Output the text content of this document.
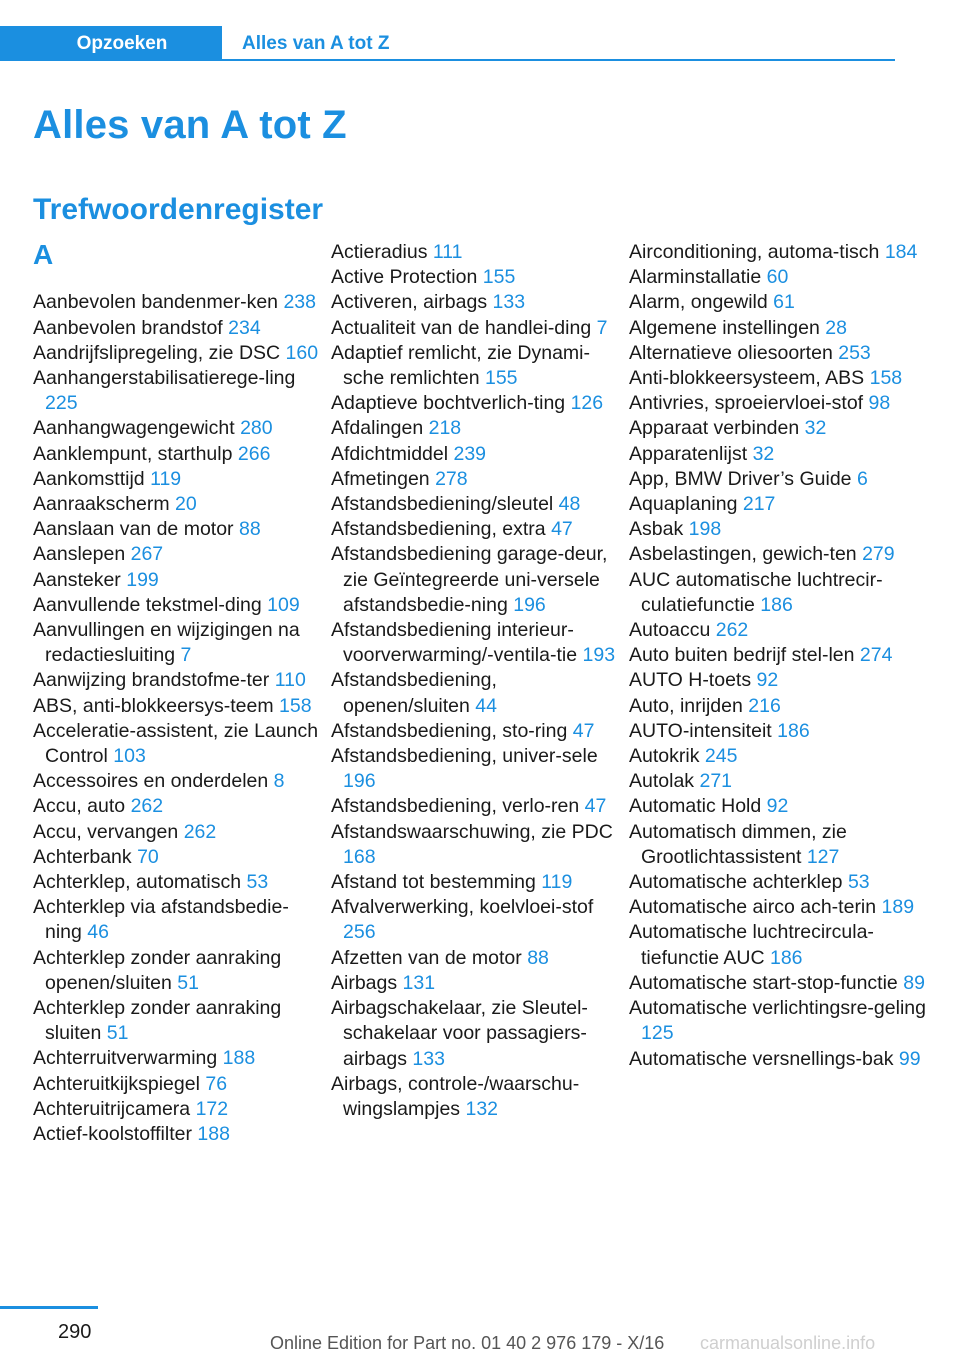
Opzoeken	Alles van A tot Z
Alles van A tot Z
Trefwoordenregister
A

Aanbevolen bandenmer-ken 238

Aanbevolen brandstof 234

Aandrijfslipregeling, zie DSC 160

Aanhangerstabilisatierege-ling 225

Aanhangwagengewicht 280

Aanklempunt, starthulp 266

Aankomsttijd 119

Aanraakscherm 20

Aanslaan van de motor 88

Aanslepen 267

Aansteker 199

Aanvullende tekstmel-ding 109

Aanvullingen en wijzigingen na redactiesluiting 7

Aanwijzing brandstofme-ter 110

ABS, anti-blokkeersys-teem 158

Acceleratie-assistent, zie Launch Control 103

Accessoires en onderdelen 8

Accu, auto 262

Accu, vervangen 262

Achterbank 70

Achterklep, automatisch 53

Achterklep via afstandsbedie-ning 46

Achterklep zonder aanraking openen/sluiten 51

Achterklep zonder aanraking sluiten 51

Achterruitverwarming 188

Achteruitkijkspiegel 76

Achteruitrijcamera 172

Actief-koolstoffilter 188

Actieradius 111

Active Protection 155

Activeren, airbags 133

Actualiteit van de handlei-ding 7

Adaptief remlicht, zie Dynami-sche remlichten 155

Adaptieve bochtverlich-ting 126

Afdalingen 218

Afdichtmiddel 239

Afmetingen 278

Afstandsbediening/sleutel 48

Afstandsbediening, extra 47

Afstandsbediening garage-deur, zie Geïntegreerde uni-versele afstandsbedie-ning 196

Afstandsbediening interieur-voorverwarming/-ventila-tie 193

Afstandsbediening, openen/sluiten 44

Afstandsbediening, sto-ring 47

Afstandsbediening, univer-sele 196

Afstandsbediening, verlo-ren 47

Afstandswaarschuwing, zie PDC 168

Afstand tot bestemming 119

Afvalverwerking, koelvloei-stof 256

Afzetten van de motor 88

Airbags 131

Airbagschakelaar, zie Sleutel-schakelaar voor passagiers-airbags 133

Airbags, controle-/waarschu-wingslampjes 132

Airconditioning, automa-tisch 184

Alarminstallatie 60

Alarm, ongewild 61

Algemene instellingen 28

Alternatieve oliesoorten 253

Anti-blokkeersysteem, ABS 158

Antivries, sproeiervloei-stof 98

Apparaat verbinden 32

Apparatenlijst 32

App, BMW Driver’s Guide 6

Aquaplaning 217

Asbak 198

Asbelastingen, gewich-ten 279

AUC automatische luchtrecir-culatiefunctie 186

Autoaccu 262

Auto buiten bedrijf stel-len 274

AUTO H-toets 92

Auto, inrijden 216

AUTO-intensiteit 186

Autokrik 245

Autolak 271

Automatic Hold 92

Automatisch dimmen, zie Grootlichtassistent 127

Automatische achterklep 53

Automatische airco ach-terin 189

Automatische luchtrecircula-tiefunctie AUC 186

Automatische start-stop-functie 89

Automatische verlichtingsre-geling 125

Automatische versnellings-bak 99

290	Online Edition for Part no. 01 40 2 976 179 - X/16 carmanualsonline.info
